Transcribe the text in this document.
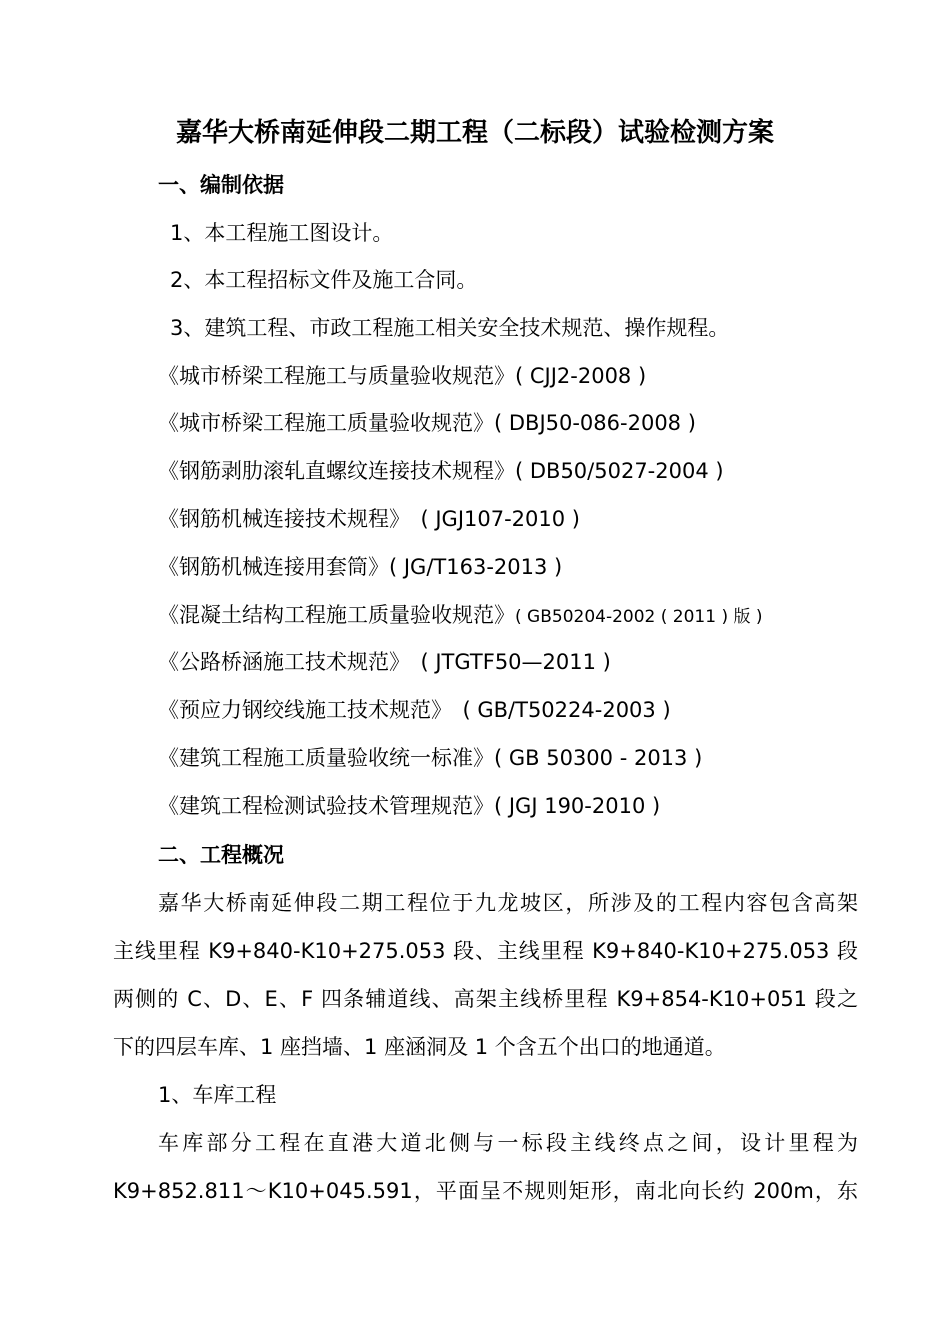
嘉华大桥南延伸段二期工程（二标段）试验检测方案
一、编制依据
1、本工程施工图设计。
2、本工程招标文件及施工合同。
3、建筑工程、市政工程施工相关安全技术规范、操作规程。
《城市桥梁工程施工与质量验收规范》( CJJ2-2008 )
《城市桥梁工程施工质量验收规范》( DBJ50-086-2008 )
《钢筋剥肋滚轧直螺纹连接技术规程》( DB50/5027-2004 )
《钢筋机械连接技术规程》　( JGJ107-2010 )
《钢筋机械连接用套筒》( JG/T163-2013 )
《混凝土结构工程施工质量验收规范》( GB50204-2002 ( 2011 ) 版 )
《公路桥涵施工技术规范》　( JTGTF50—2011 )
《预应力钢绞线施工技术规范》　( GB/T50224-2003 )
《建筑工程施工质量验收统一标准》( GB 50300 - 2013 )
《建筑工程检测试验技术管理规范》( JGJ 190-2010 )
二、工程概况
嘉华大桥南延伸段二期工程位于九龙坡区，所涉及的工程内容包含高架
主线里程 K9+840-K10+275.053 段、主线里程 K9+840-K10+275.053 段
两侧的 C、D、E、F 四条辅道线、高架主线桥里程 K9+854-K10+051 段之
下的四层车库、1 座挡墙、1 座涵洞及 1 个含五个出口的地通道。
1、车库工程
车库部分工程在直港大道北侧与一标段主线终点之间，设计里程为
K9+852.811～K10+045.591，平面呈不规则矩形，南北向长约 200m，东
